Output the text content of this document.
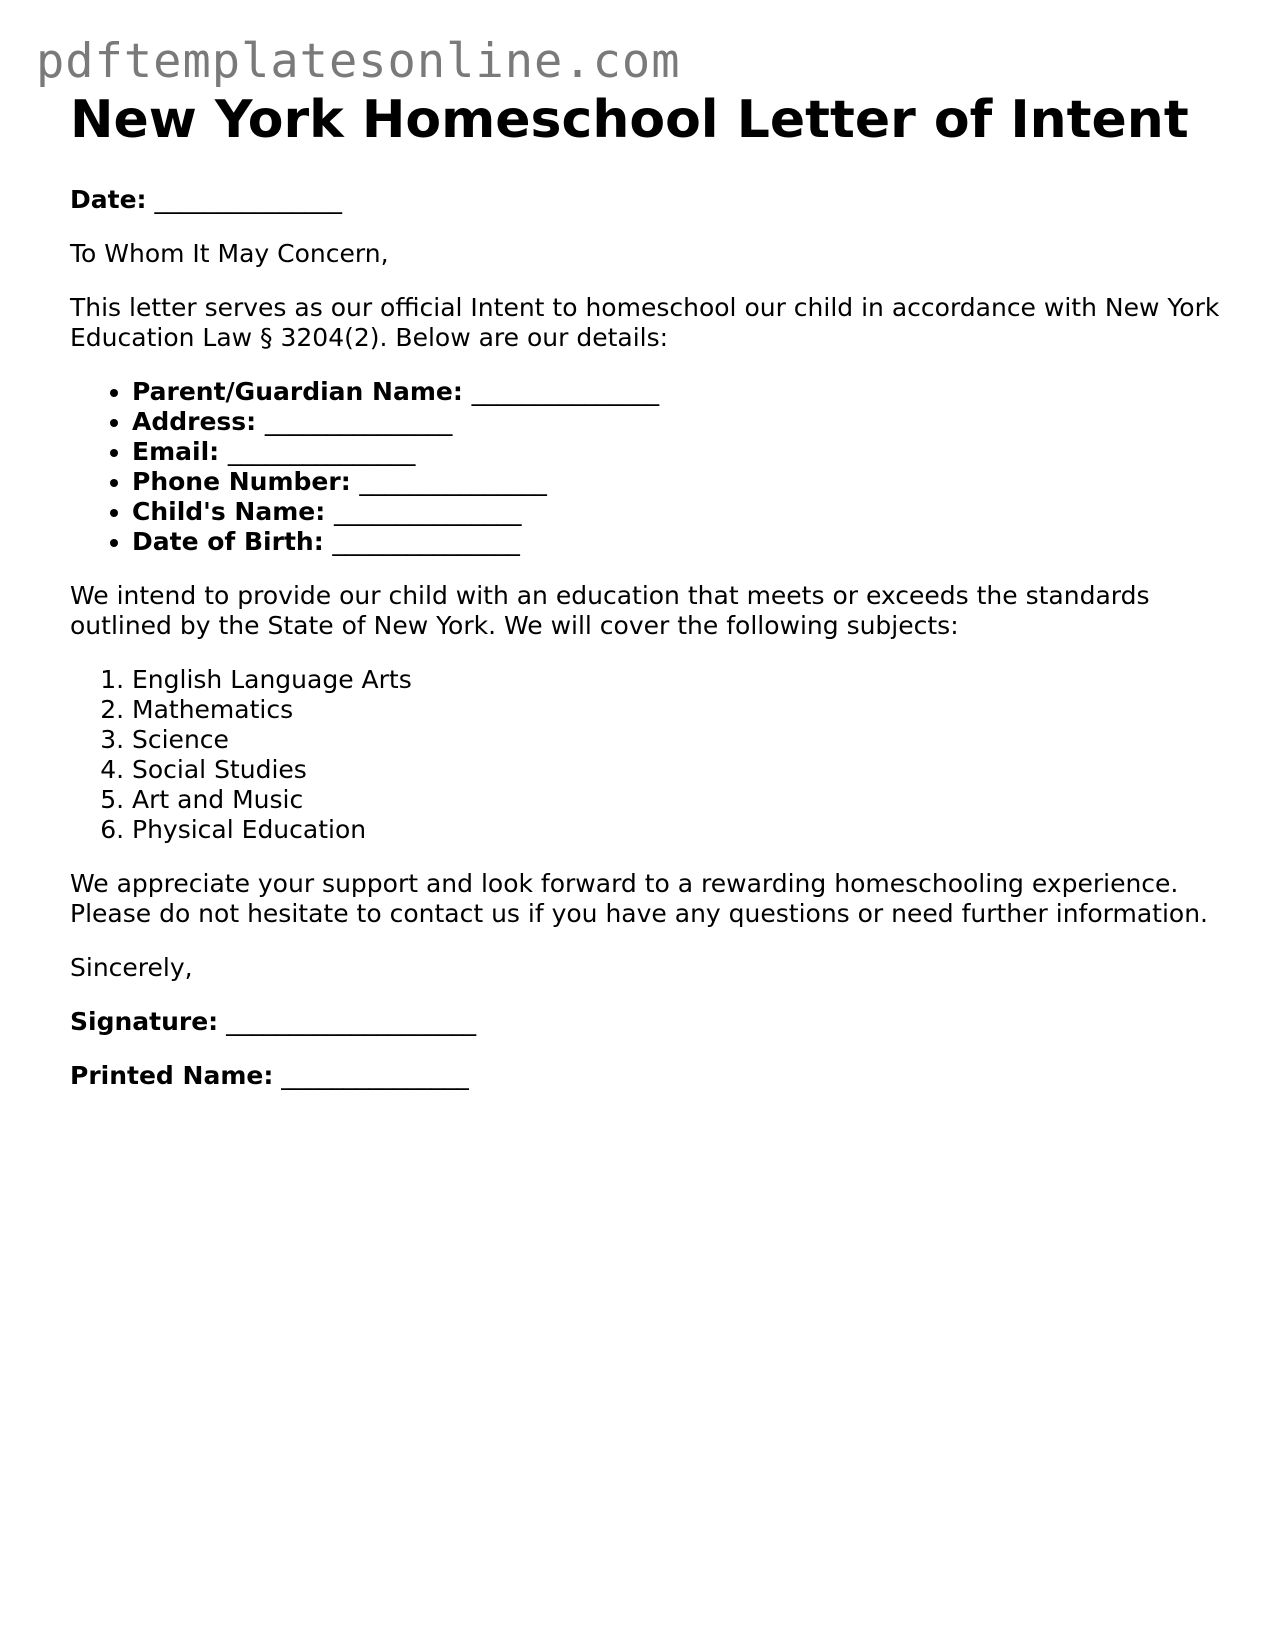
pdftemplatesonline.com
New York Homeschool Letter of Intent

Date: _______________

To Whom It May Concern,

This letter serves as our official Intent to homeschool our child in accordance with New York Education Law § 3204(2). Below are our details:

• Parent/Guardian Name: _______________
• Address: _______________
• Email: _______________
• Phone Number: _______________
• Child's Name: _______________
• Date of Birth: _______________

We intend to provide our child with an education that meets or exceeds the standards outlined by the State of New York. We will cover the following subjects:

1. English Language Arts
2. Mathematics
3. Science
4. Social Studies
5. Art and Music
6. Physical Education

We appreciate your support and look forward to a rewarding homeschooling experience. Please do not hesitate to contact us if you have any questions or need further information.

Sincerely,

Signature: ____________________

Printed Name: _______________
